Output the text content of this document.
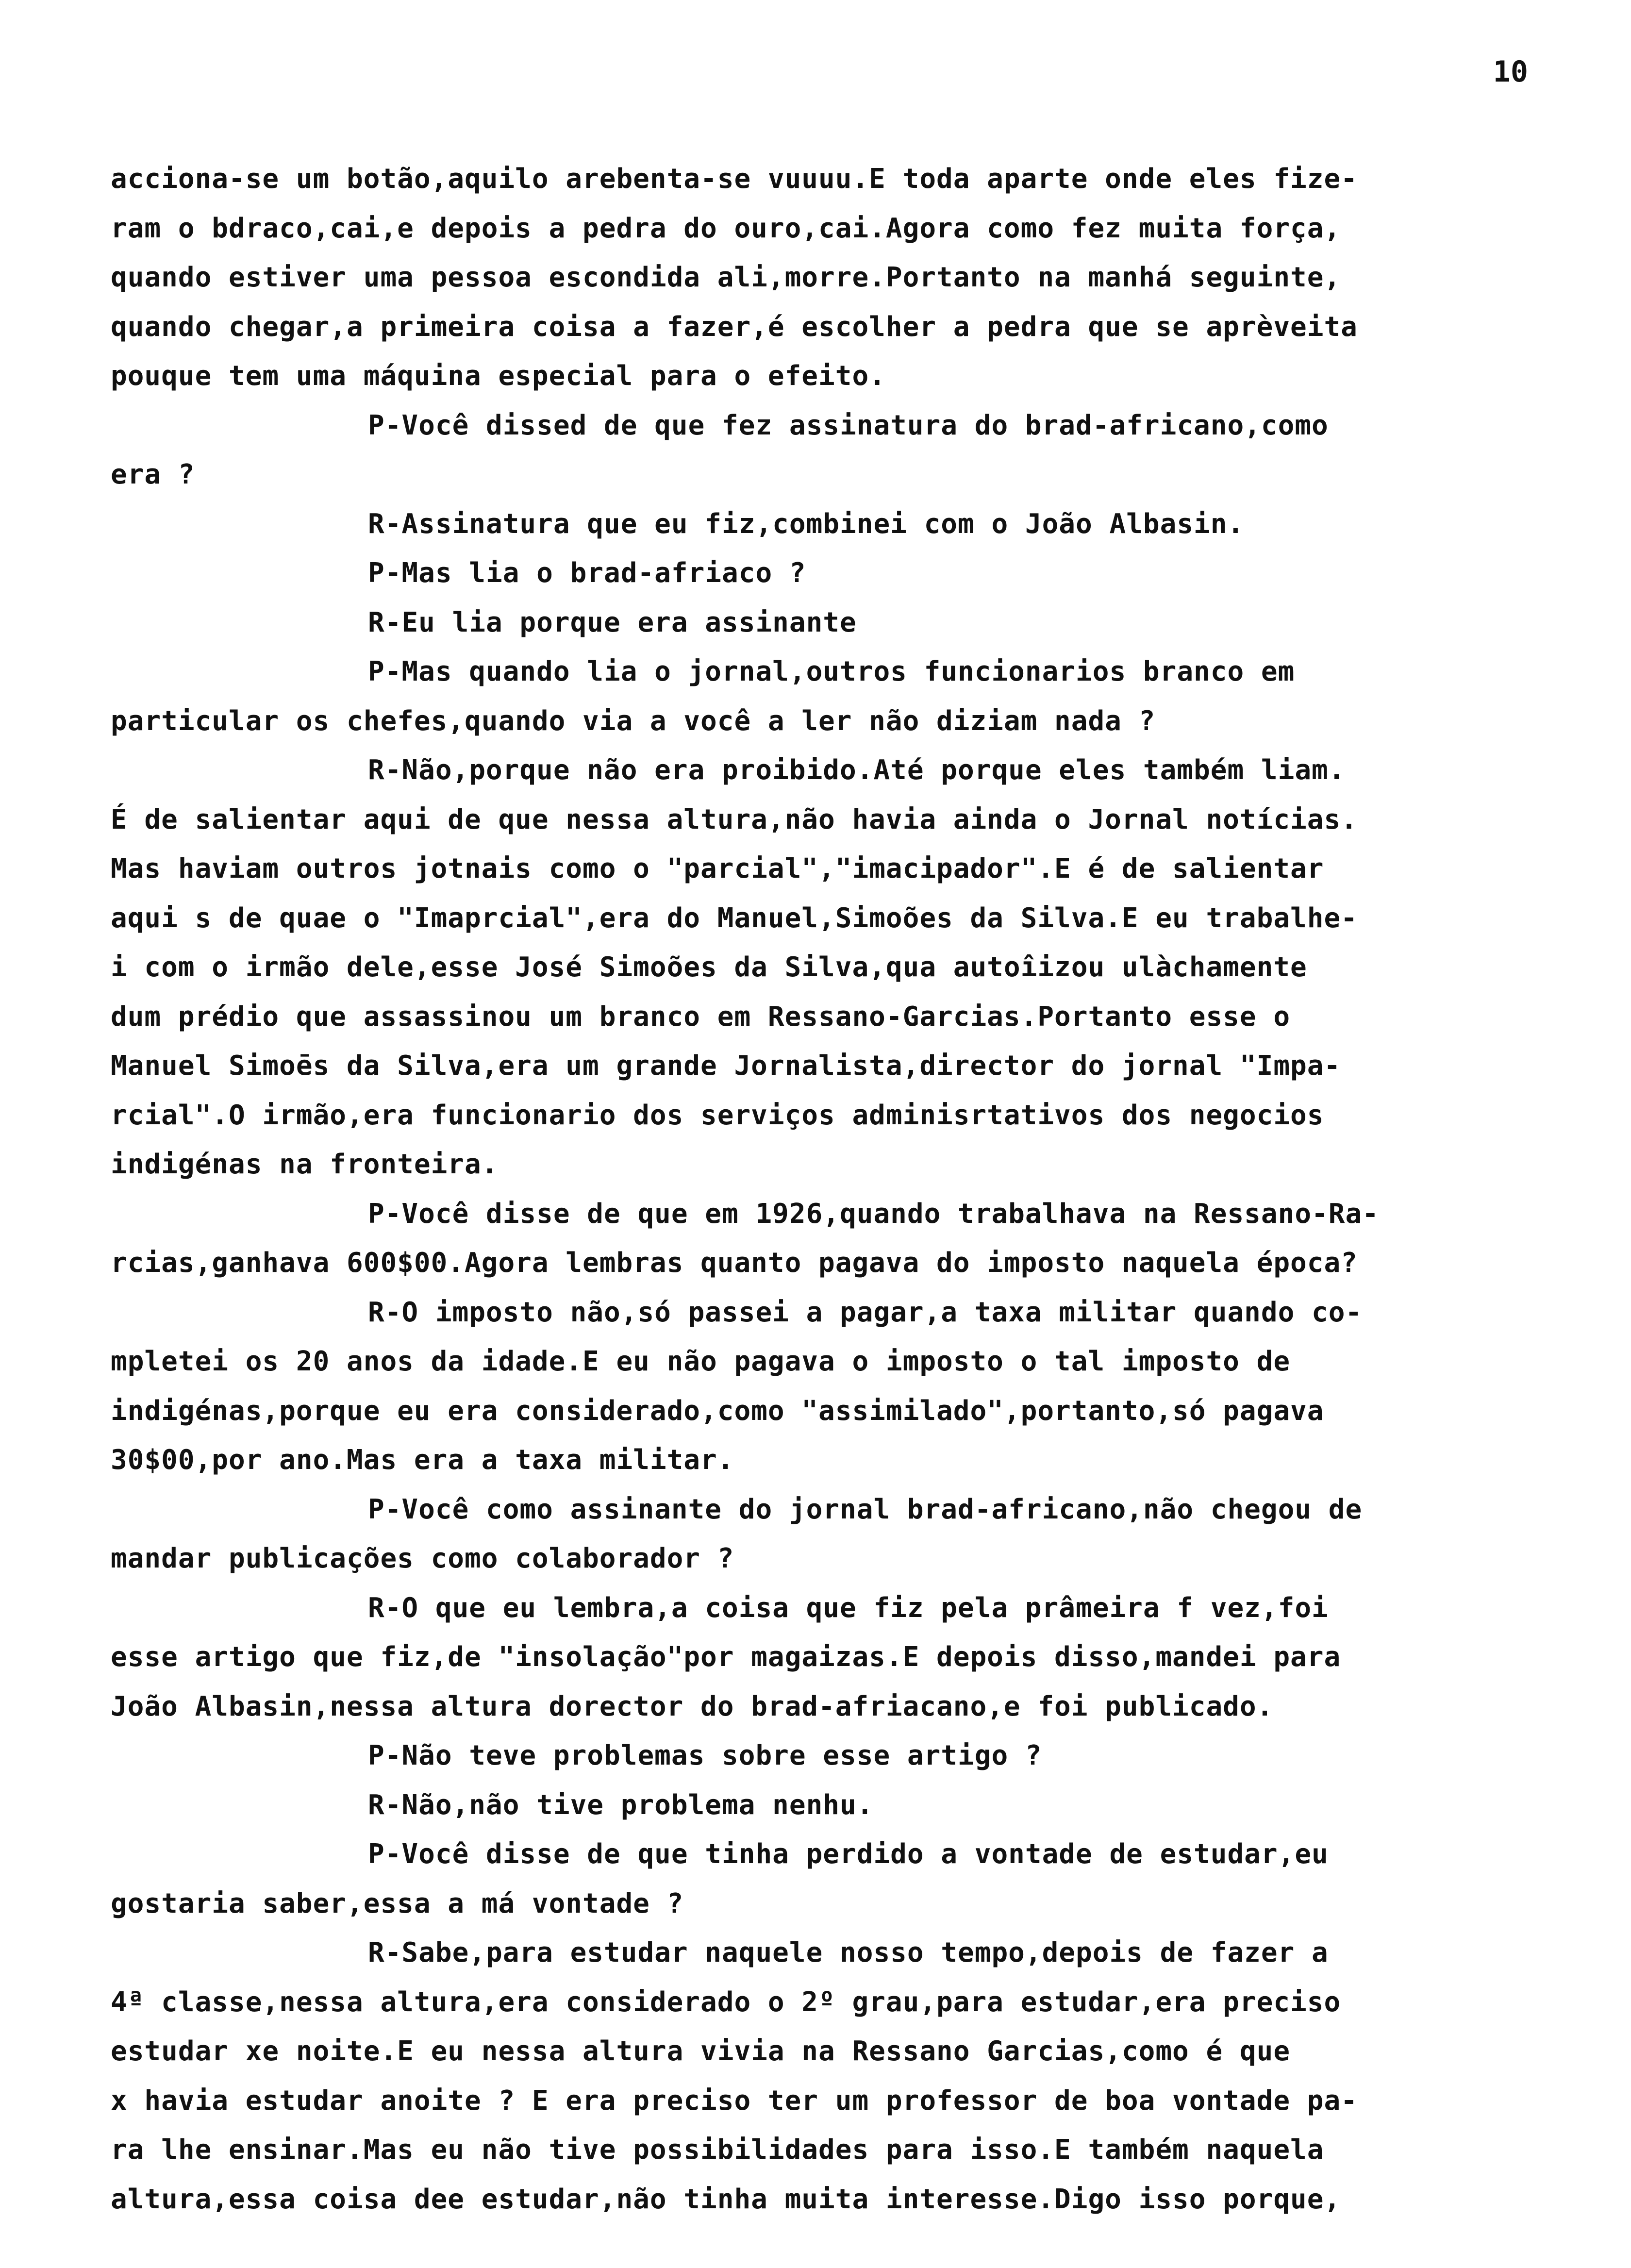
10
acciona-se um botão,aquilo arebenta-se vuuuu.E toda aparte onde eles fize-
ram o bdraco,cai,e depois a pedra do ouro,cai.Agora como fez muita força,
quando estiver uma pessoa escondida ali,morre.Portanto na manhá seguinte,
quando chegar,a primeira coisa a fazer,é escolher a pedra que se aprèveita
pouque tem uma máquina especial para o efeito.
P-Você dissed de que fez assinatura do brad-africano,como
era ?
R-Assinatura que eu fiz,combinei com o João Albasin.
P-Mas lia o brad-afriaco ?
R-Eu lia porque era assinante
P-Mas quando lia o jornal,outros funcionarios branco em
particular os chefes,quando via a você a ler não diziam nada ?
R-Não,porque não era proibido.Até porque eles também liam.
É de salientar aqui de que nessa altura,não havia ainda o Jornal notícias.
Mas haviam outros jotnais como o "parcial","imacipador".E é de salientar
aqui s de quae o "Imaprcial",era do Manuel,Simoões da Silva.E eu trabalhe-
i com o irmão dele,esse José Simoões da Silva,qua autoîizou ulàchamente
dum prédio que assassinou um branco em Ressano-Garcias.Portanto esse o
Manuel Simoēs da Silva,era um grande Jornalista,director do jornal "Impa-
rcial".O irmão,era funcionario dos serviços adminisrtativos dos negocios
indigénas na fronteira.
P-Você disse de que em 1926,quando trabalhava na Ressano-Ra-
rcias,ganhava 600$00.Agora lembras quanto pagava do imposto naquela época?
R-O imposto não,só passei a pagar,a taxa militar quando co-
mpletei os 20 anos da idade.E eu não pagava o imposto o tal imposto de
indigénas,porque eu era considerado,como "assimilado",portanto,só pagava
30$00,por ano.Mas era a taxa militar.
P-Você como assinante do jornal brad-africano,não chegou de
mandar publicações como colaborador ?
R-O que eu lembra,a coisa que fiz pela prâmeira f vez,foi
esse artigo que fiz,de "insolação"por magaizas.E depois disso,mandei para
João Albasin,nessa altura dorector do brad-afriacano,e foi publicado.
P-Não teve problemas sobre esse artigo ?
R-Não,não tive problema nenhu.
P-Você disse de que tinha perdido a vontade de estudar,eu
gostaria saber,essa a má vontade ?
R-Sabe,para estudar naquele nosso tempo,depois de fazer a
4ª classe,nessa altura,era considerado o 2º grau,para estudar,era preciso
estudar xe noite.E eu nessa altura vivia na Ressano Garcias,como é que
x havia estudar anoite ? E era preciso ter um professor de boa vontade pa-
ra lhe ensinar.Mas eu não tive possibilidades para isso.E também naquela
altura,essa coisa dee estudar,não tinha muita interesse.Digo isso porque,
